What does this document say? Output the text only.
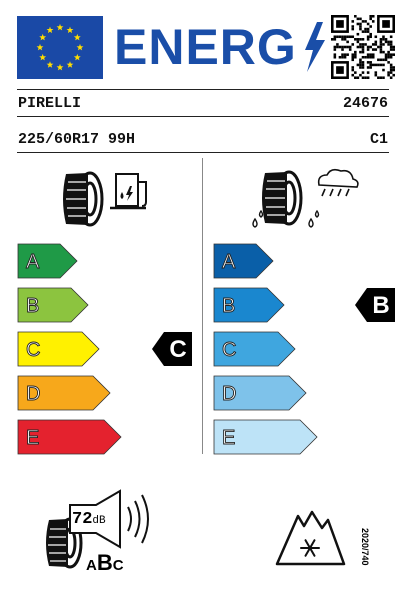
ENERG
PIRELLI	24676
225/60R17 99H	C1
A
B
C	C
D
E
A
B	B
C
D
E
72dB
ABC	2020/740
